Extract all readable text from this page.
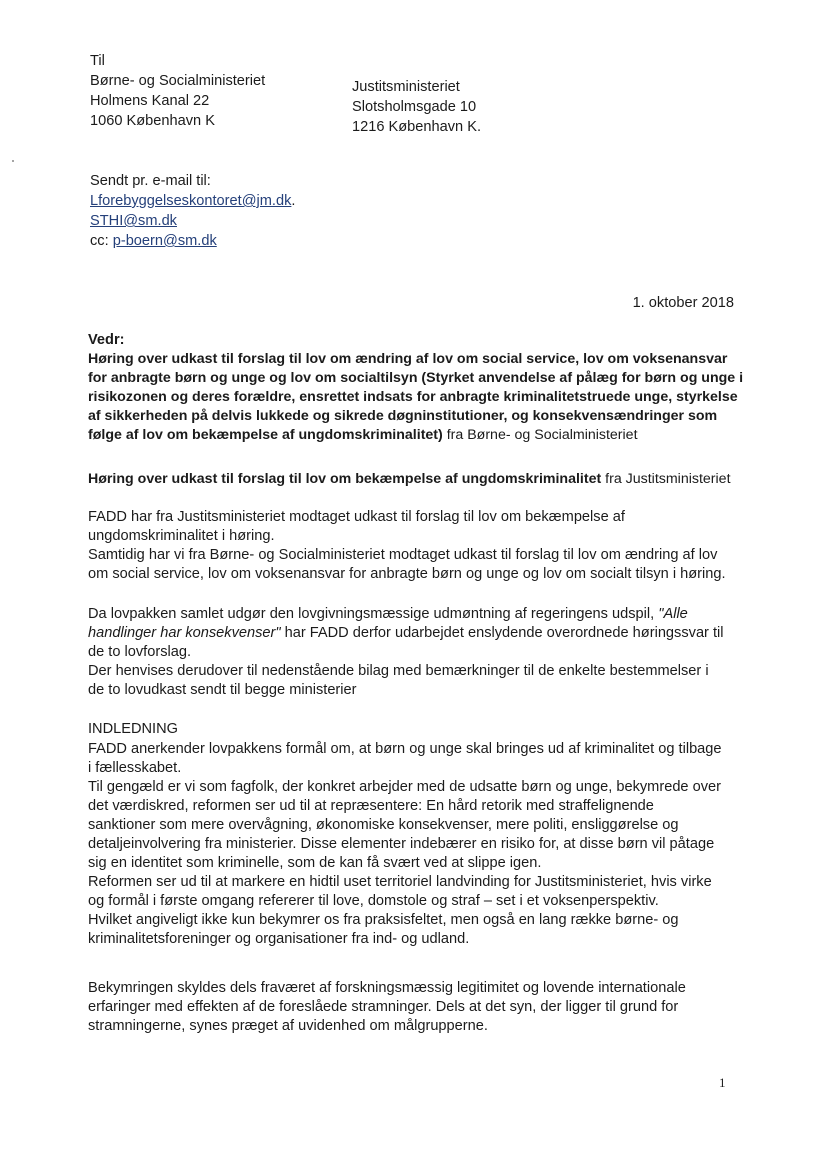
Til
Børne- og Socialministeriet
Holmens Kanal 22
1060 København K
Justitsministeriet
Slotsholmsgade 10
1216 København K.
Sendt pr. e-mail til:
Lforebyggelseskontoret@jm.dk.
STHI@sm.dk
cc: p-boern@sm.dk
1. oktober 2018
Vedr:
Høring over udkast til forslag til lov om ændring af lov om social service, lov om voksenansvar
for anbragte børn og unge og lov om socialtilsyn (Styrket anvendelse af pålæg for børn og unge i
risikozonen og deres forældre, ensrettet indsats for anbragte kriminalitetstruede unge, styrkelse
af sikkerheden på delvis lukkede og sikrede døgninstitutioner, og konsekvensændringer som
følge af lov om bekæmpelse af ungdomskriminalitet) fra Børne- og Socialministeriet
Høring over udkast til forslag til lov om bekæmpelse af ungdomskriminalitet fra Justitsministeriet
FADD har fra Justitsministeriet modtaget udkast til forslag til lov om bekæmpelse af
ungdomskriminalitet i høring.
Samtidig har vi fra Børne- og Socialministeriet modtaget udkast til forslag til lov om ændring af lov
om social service, lov om voksenansvar for anbragte børn og unge og lov om socialt tilsyn i høring.
Da lovpakken samlet udgør den lovgivningsmæssige udmøntning af regeringens udspil, "Alle
handlinger har konsekvenser" har FADD derfor udarbejdet enslydende overordnede høringssvar til
de to lovforslag.
Der henvises derudover til nedenstående bilag med bemærkninger til de enkelte bestemmelser i
de to lovudkast sendt til begge ministerier
INDLEDNING
FADD anerkender lovpakkens formål om, at børn og unge skal bringes ud af kriminalitet og tilbage
i fællesskabet.
Til gengæld er vi som fagfolk, der konkret arbejder med de udsatte børn og unge, bekymrede over
det værdiskred, reformen ser ud til at repræsentere: En hård retorik med straffelignende
sanktioner som mere overvågning, økonomiske konsekvenser, mere politi, ensliggørelse og
detaljeinvolvering fra ministerier. Disse elementer indebærer en risiko for, at disse børn vil påtage
sig en identitet som kriminelle, som de kan få svært ved at slippe igen.
Reformen ser ud til at markere en hidtil uset territoriel landvinding for Justitsministeriet, hvis virke
og formål i første omgang refererer til love, domstole og straf – set i et voksenperspektiv.
Hvilket angiveligt ikke kun bekymrer os fra praksisfeltet, men også en lang række børne- og
kriminalitetsforeninger og organisationer fra ind- og udland.
Bekymringen skyldes dels fraværet af forskningsmæssig legitimitet og lovende internationale
erfaringer med effekten af de foreslåede stramninger. Dels at det syn, der ligger til grund for
stramningerne, synes præget af uvidenhed om målgrupperne.
1
